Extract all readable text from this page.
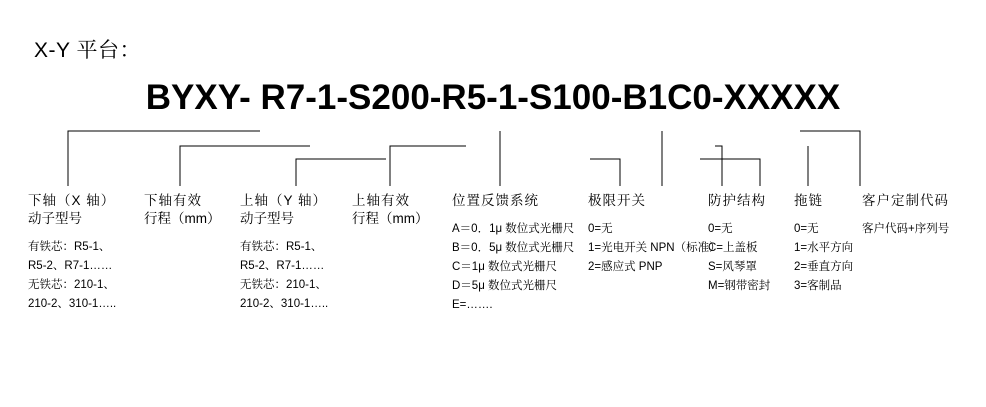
X-Y 平台：
BYXY- R7-1-S200-R5-1-S100-B1C0-XXXXX
下轴（X 轴）
动子型号
有铁芯：R5-1、
R5-2、R7-1……
无铁芯：210-1、
210-2、310-1…..
下轴有效
行程（mm）
上轴（Y 轴）
动子型号
有铁芯：R5-1、
R5-2、R7-1……
无铁芯：210-1、
210-2、310-1…..
上轴有效
行程（mm）
位置反馈系统
A＝0．1μ 数位式光栅尺
B＝0．5μ 数位式光栅尺
C＝1μ 数位式光栅尺
D＝5μ 数位式光栅尺
E=…….
极限开关
0=无
1=光电开关 NPN（标准）
2=感应式 PNP
防护结构
0=无
C=上盖板
S=风琴罩
M=钢带密封
拖链
0=无
1=水平方向
2=垂直方向
3=客制品
客户定制代码
客户代码+序列号
